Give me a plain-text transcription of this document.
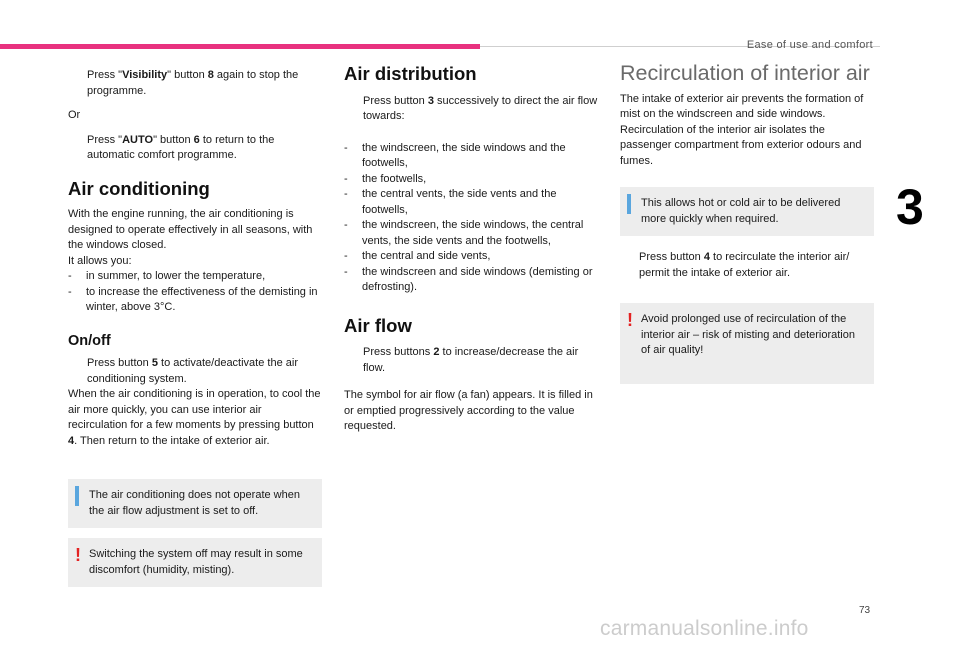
Ease of use and comfort
3
73

Press "Visibility" button 8 again to stop the programme.

Or

Press "AUTO" button 6 to return to the automatic comfort programme.

Air conditioning

With the engine running, the air conditioning is designed to operate effectively in all seasons, with the windows closed.

It allows you:

- in summer, to lower the temperature,
- to increase the effectiveness of the demisting in winter, above 3°C.
On/off

Press button 5 to activate/deactivate the air conditioning system.

When the air conditioning is in operation, to cool the air more quickly, you can use interior air recirculation for a few moments by pressing button 4. Then return to the intake of exterior air.

The air conditioning does not operate when the air flow adjustment is set to off.

! Switching the system off may result in some discomfort (humidity, misting).

Air distribution

Press button 3 successively to direct the air flow towards:

- the windscreen, the side windows and the footwells,
- the footwells,
- the central vents, the side vents and the footwells,
- the windscreen, the side windows, the central vents, the side vents and the footwells,
- the central and side vents,
- the windscreen and side windows (demisting or defrosting).
Air flow

Press buttons 2 to increase/decrease the air flow.

The symbol for air flow (a fan) appears. It is filled in or emptied progressively according to the value requested.

Recirculation of interior air

The intake of exterior air prevents the formation of mist on the windscreen and side windows. Recirculation of the interior air isolates the passenger compartment from exterior odours and fumes.

This allows hot or cold air to be delivered more quickly when required.

Press button 4 to recirculate the interior air/ permit the intake of exterior air.

! Avoid prolonged use of recirculation of the interior air – risk of misting and deterioration of air quality!

carmanualsonline.info
